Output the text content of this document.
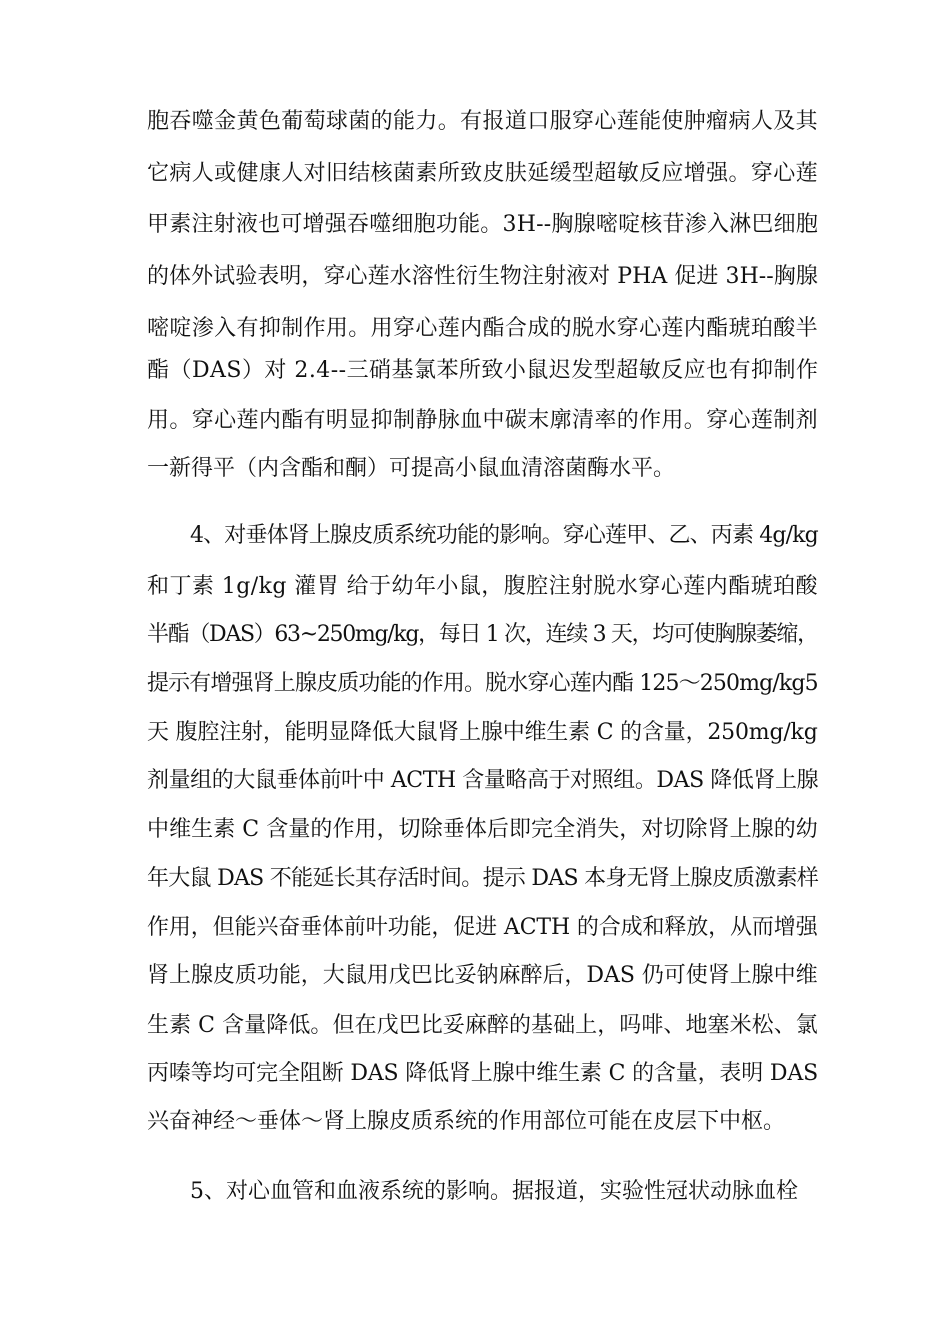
胞吞噬金黄色葡萄球菌的能力。有报道口服穿心莲能使肿瘤病人及其
它病人或健康人对旧结核菌素所致皮肤延缓型超敏反应增强。穿心莲
甲素注射液也可增强吞噬细胞功能。3H--胸腺嘧啶核苷渗入淋巴细胞
的体外试验表明，穿心莲水溶性衍生物注射液对 PHA 促进 3H--胸腺
嘧啶渗入有抑制作用。用穿心莲内酯合成的脱水穿心莲内酯琥珀酸半
酯（DAS）对 2.4--三硝基氯苯所致小鼠迟发型超敏反应也有抑制作
用。穿心莲内酯有明显抑制静脉血中碳末廓清率的作用。穿心莲制剂
一新得平（内含酯和酮）可提高小鼠血清溶菌酶水平。
4、对垂体肾上腺皮质系统功能的影响。穿心莲甲、乙、丙素 4g/kg
和丁素 1g/kg 灌胃 给于幼年小鼠，腹腔注射脱水穿心莲内酯琥珀酸
半酯（DAS）63~250mg/kg，每日 1 次，连续 3 天，均可使胸腺萎缩，
提示有增强肾上腺皮质功能的作用。脱水穿心莲内酯 125～250mg/kg5
天 腹腔注射，能明显降低大鼠肾上腺中维生素 C 的含量，250mg/kg
剂量组的大鼠垂体前叶中 ACTH 含量略高于对照组。DAS 降低肾上腺
中维生素 C 含量的作用，切除垂体后即完全消失，对切除肾上腺的幼
年大鼠 DAS 不能延长其存活时间。提示 DAS 本身无肾上腺皮质激素样
作用，但能兴奋垂体前叶功能，促进 ACTH 的合成和释放，从而增强
肾上腺皮质功能，大鼠用戊巴比妥钠麻醉后，DAS 仍可使肾上腺中维
生素 C 含量降低。但在戊巴比妥麻醉的基础上，吗啡、地塞米松、氯
丙嗪等均可完全阻断 DAS 降低肾上腺中维生素 C 的含量，表明 DAS
兴奋神经～垂体～肾上腺皮质系统的作用部位可能在皮层下中枢。
5、对心血管和血液系统的影响。据报道，实验性冠状动脉血栓
